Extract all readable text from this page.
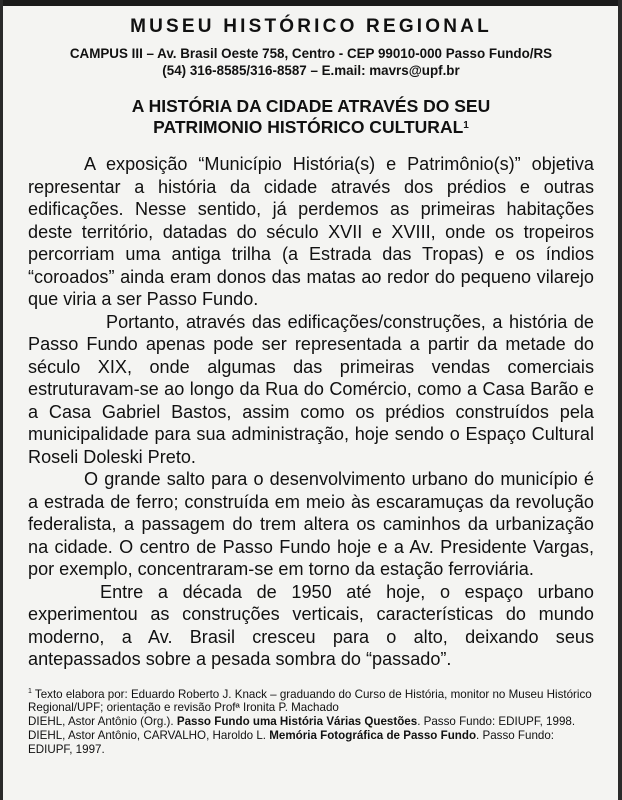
MUSEU HISTÓRICO REGIONAL
CAMPUS III – Av. Brasil Oeste 758, Centro - CEP 99010-000 Passo Fundo/RS
(54) 316-8585/316-8587 – E.mail: mavrs@upf.br
A HISTÓRIA DA CIDADE ATRAVÉS DO SEU
PATRIMONIO HISTÓRICO CULTURAL$^1$

A exposição “Município História(s) e Patrimônio(s)” objetiva representar a história da cidade através dos prédios e outras edificações. Nesse sentido, já perdemos as primeiras habitações deste território, datadas do século XVII e XVIII, onde os tropeiros percorriam uma antiga trilha (a Estrada das Tropas) e os índios “coroados” ainda eram donos das matas ao redor do pequeno vilarejo que viria a ser Passo Fundo.

Portanto, através das edificações/construções, a história de Passo Fundo apenas pode ser representada a partir da metade do século XIX, onde algumas das primeiras vendas comerciais estruturavam-se ao longo da Rua do Comércio, como a Casa Barão e a Casa Gabriel Bastos, assim como os prédios construídos pela municipalidade para sua administração, hoje sendo o Espaço Cultural Roseli Doleski Preto.

O grande salto para o desenvolvimento urbano do município é a estrada de ferro; construída em meio às escaramuças da revolução federalista, a passagem do trem altera os caminhos da urbanização na cidade. O centro de Passo Fundo hoje e a Av. Presidente Vargas, por exemplo, concentraram-se em torno da estação ferroviária.

Entre a década de 1950 até hoje, o espaço urbano experimentou as construções verticais, características do mundo moderno, a Av. Brasil cresceu para o alto, deixando seus antepassados sobre a pesada sombra do “passado”.

$^1$ Texto elabora por: Eduardo Roberto J. Knack – graduando do Curso de História, monitor no Museu Histórico Regional/UPF; orientação e revisão Profª Ironita P. Machado

DIEHL, Astor Antônio (Org.). Passo Fundo uma História Várias Questões. Passo Fundo: EDIUPF, 1998.

DIEHL, Astor Antônio, CARVALHO, Haroldo L. Memória Fotográfica de Passo Fundo. Passo Fundo: EDIUPF, 1997.
